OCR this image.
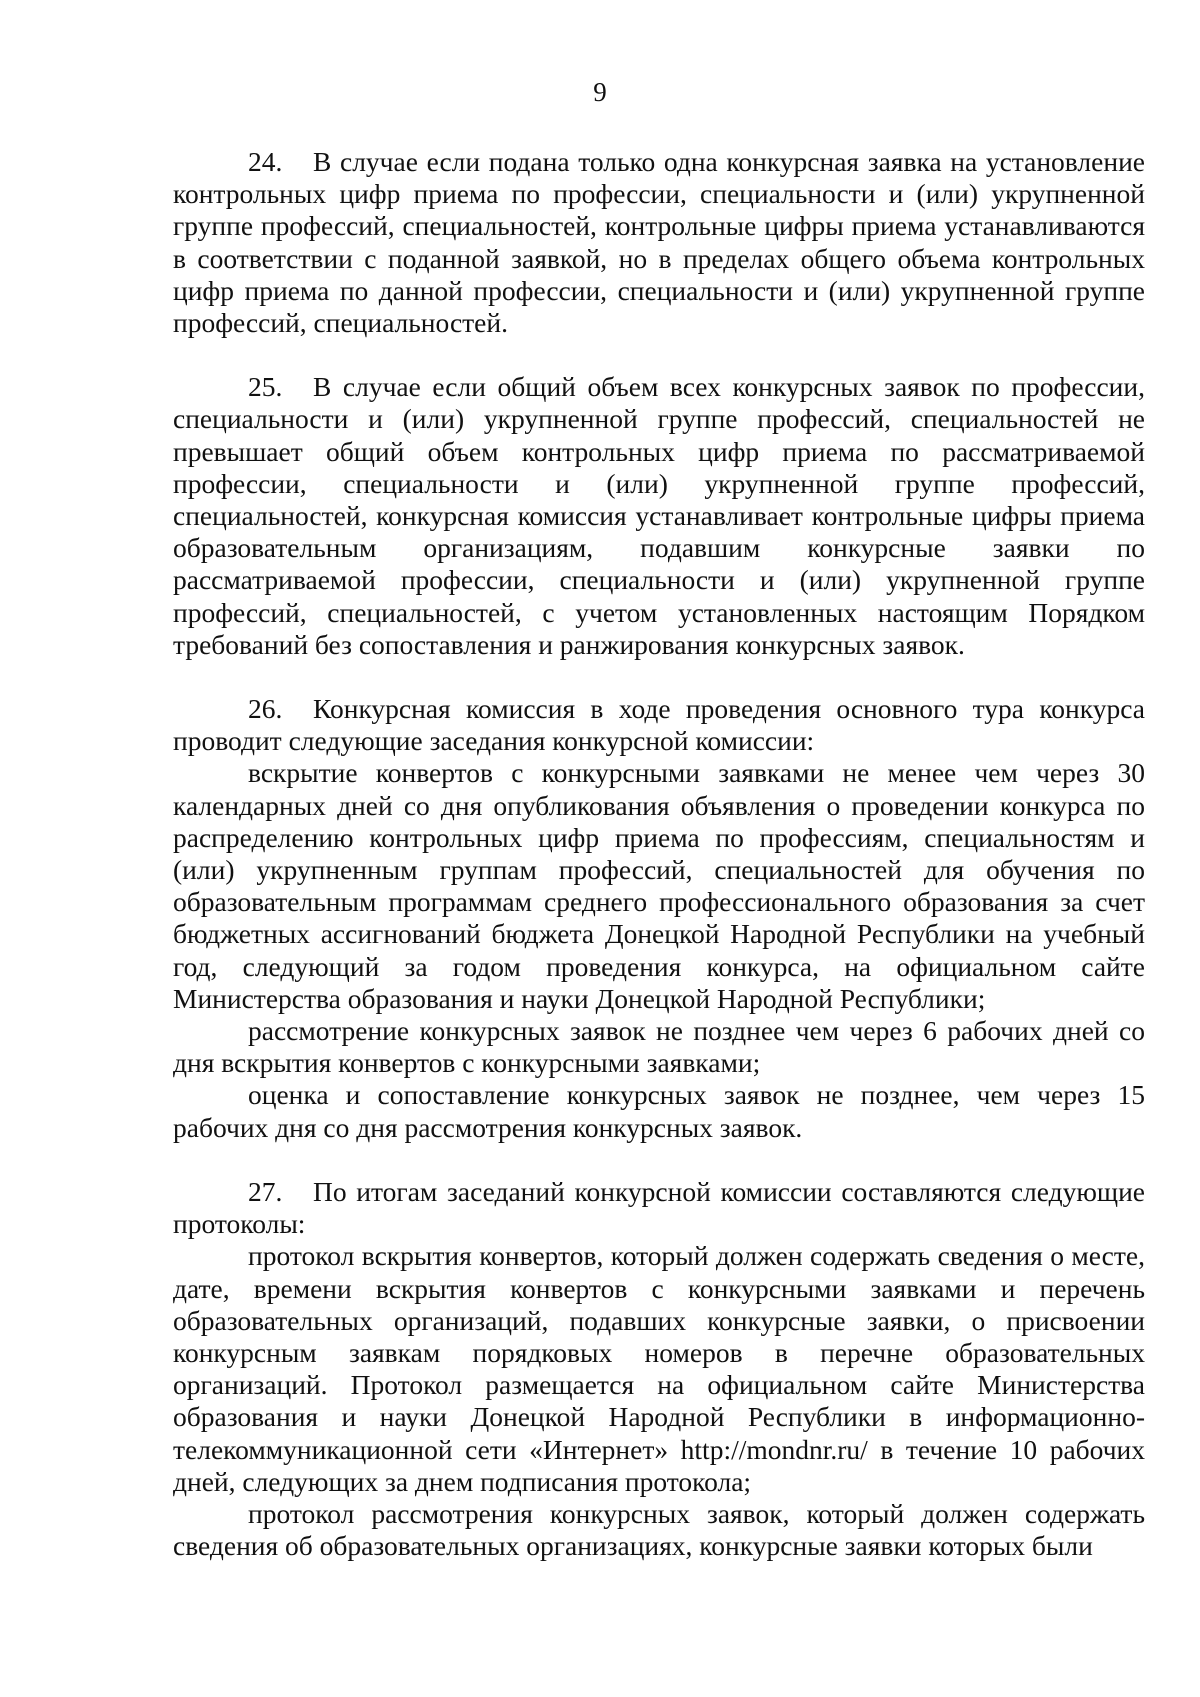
9

24. В случае если подана только одна конкурсная заявка на установление контрольных цифр приема по профессии, специальности и (или) укрупненной группе профессий, специальностей, контрольные цифры приема устанавливаются в соответствии с поданной заявкой, но в пределах общего объема контрольных цифр приема по данной профессии, специальности и (или) укрупненной группе профессий, специальностей.

25. В случае если общий объем всех конкурсных заявок по профессии, специальности и (или) укрупненной группе профессий, специальностей не превышает общий объем контрольных цифр приема по рассматриваемой профессии, специальности и (или) укрупненной группе профессий, специальностей, конкурсная комиссия устанавливает контрольные цифры приема образовательным организациям, подавшим конкурсные заявки по рассматриваемой профессии, специальности и (или) укрупненной группе профессий, специальностей, с учетом установленных настоящим Порядком требований без сопоставления и ранжирования конкурсных заявок.

26. Конкурсная комиссия в ходе проведения основного тура конкурса проводит следующие заседания конкурсной комиссии:

вскрытие конвертов с конкурсными заявками не менее чем через 30 календарных дней со дня опубликования объявления о проведении конкурса по распределению контрольных цифр приема по профессиям, специальностям и (или) укрупненным группам профессий, специальностей для обучения по образовательным программам среднего профессионального образования за счет бюджетных ассигнований бюджета Донецкой Народной Республики на учебный год, следующий за годом проведения конкурса, на официальном сайте Министерства образования и науки Донецкой Народной Республики;

рассмотрение конкурсных заявок не позднее чем через 6 рабочих дней со дня вскрытия конвертов с конкурсными заявками;

оценка и сопоставление конкурсных заявок не позднее, чем через 15 рабочих дня со дня рассмотрения конкурсных заявок.

27. По итогам заседаний конкурсной комиссии составляются следующие протоколы:

протокол вскрытия конвертов, который должен содержать сведения о месте, дате, времени вскрытия конвертов с конкурсными заявками и перечень образовательных организаций, подавших конкурсные заявки, о присвоении конкурсным заявкам порядковых номеров в перечне образовательных организаций. Протокол размещается на официальном сайте Министерства образования и науки Донецкой Народной Республики в информационно-телекоммуникационной сети «Интернет» http://mondnr.ru/ в течение 10 рабочих дней, следующих за днем подписания протокола;

протокол рассмотрения конкурсных заявок, который должен содержать сведения об образовательных организациях, конкурсные заявки которых были
